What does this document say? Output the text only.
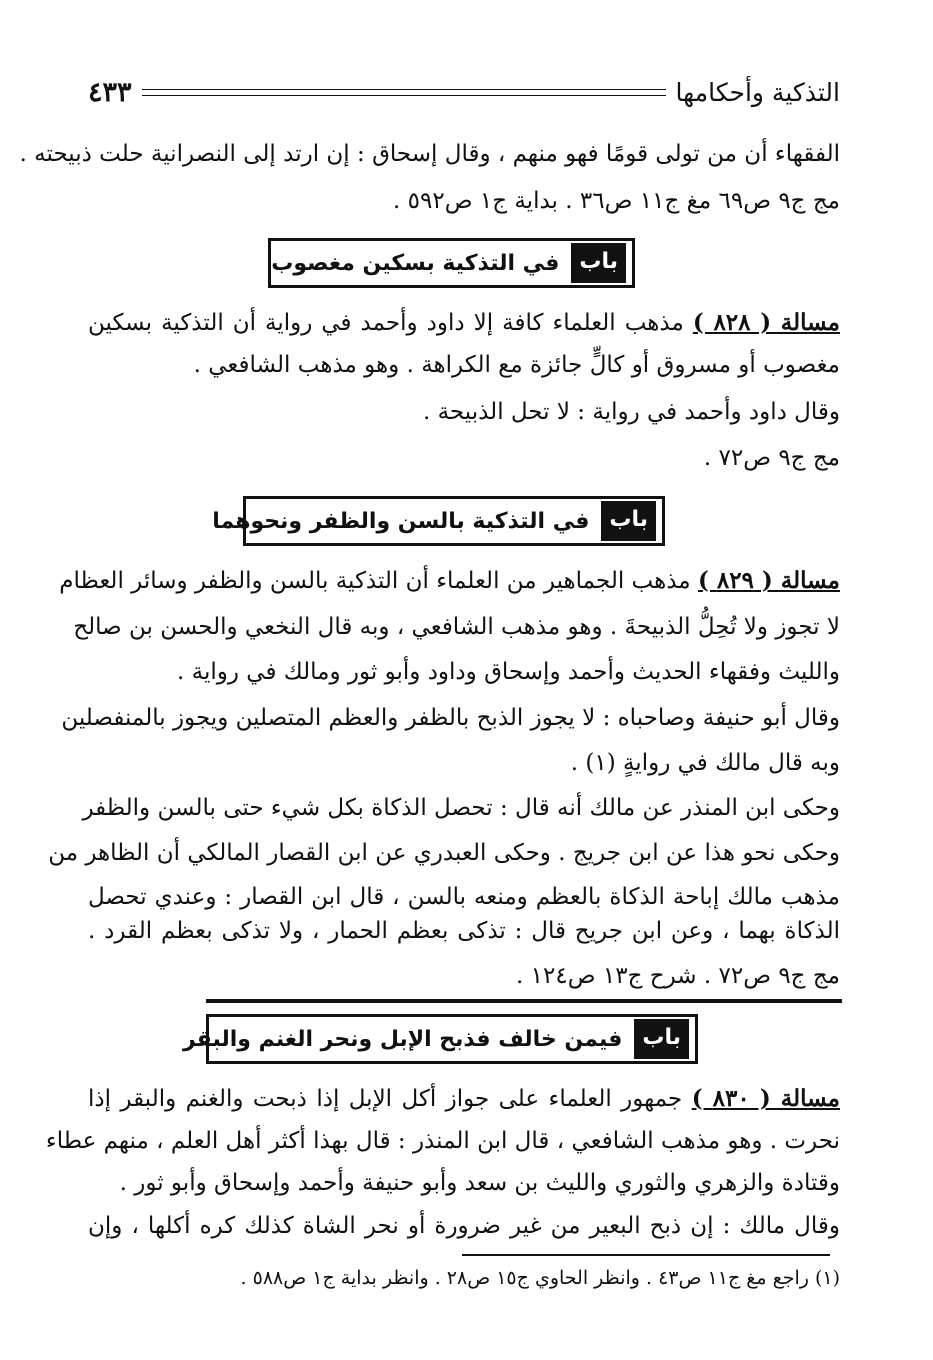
التذكية وأحكامها
٤٣٣
الفقهاء أن من تولى قومًا فهو منهم ، وقال إسحاق : إن ارتد إلى النصرانية حلت ذبيحته .
مج ج٩ ص٦٩ مغ ج١١ ص٣٦ . بداية ج١ ص٥٩٢ .
باب
في التذكية بسكين مغصوب
مسالة ( ٨٢٨ ) مذهب العلماء كافة إلا داود وأحمد في رواية أن التذكية بسكين
مغصوب أو مسروق أو كالٍّ جائزة مع الكراهة . وهو مذهب الشافعي .
وقال داود وأحمد في رواية : لا تحل الذبيحة .
مج ج٩ ص٧٢ .
باب
في التذكية بالسن والظفر ونحوهما
مسالة ( ٨٢٩ ) مذهب الجماهير من العلماء أن التذكية بالسن والظفر وسائر العظام
لا تجوز ولا تُحِلُّ الذبيحةَ . وهو مذهب الشافعي ، وبه قال النخعي والحسن بن صالح
والليث وفقهاء الحديث وأحمد وإسحاق وداود وأبو ثور ومالك في رواية .
وقال أبو حنيفة وصاحباه : لا يجوز الذبح بالظفر والعظم المتصلين ويجوز بالمنفصلين
وبه قال مالك في روايةٍ (١) .
وحكى ابن المنذر عن مالك أنه قال : تحصل الذكاة بكل شيء حتى بالسن والظفر
وحكى نحو هذا عن ابن جريج . وحكى العبدري عن ابن القصار المالكي أن الظاهر من
مذهب مالك إباحة الذكاة بالعظم ومنعه بالسن ، قال ابن القصار : وعندي تحصل
الذكاة بهما ، وعن ابن جريح قال : تذكى بعظم الحمار ، ولا تذكى بعظم القرد .
مج ج٩ ص٧٢ . شرح ج١٣ ص١٢٤ .
باب
فيمن خالف فذبح الإبل ونحر الغنم والبقر
مسالة ( ٨٣٠ ) جمهور العلماء على جواز أكل الإبل إذا ذبحت والغنم والبقر إذا
نحرت . وهو مذهب الشافعي ، قال ابن المنذر : قال بهذا أكثر أهل العلم ، منهم عطاء
وقتادة والزهري والثوري والليث بن سعد وأبو حنيفة وأحمد وإسحاق وأبو ثور .
وقال مالك : إن ذبح البعير من غير ضرورة أو نحر الشاة كذلك كره أكلها ، وإن
(١) راجع مغ ج١١ ص٤٣ . وانظر الحاوي ج١٥ ص٢٨ . وانظر بداية ج١ ص٥٨٨ .
